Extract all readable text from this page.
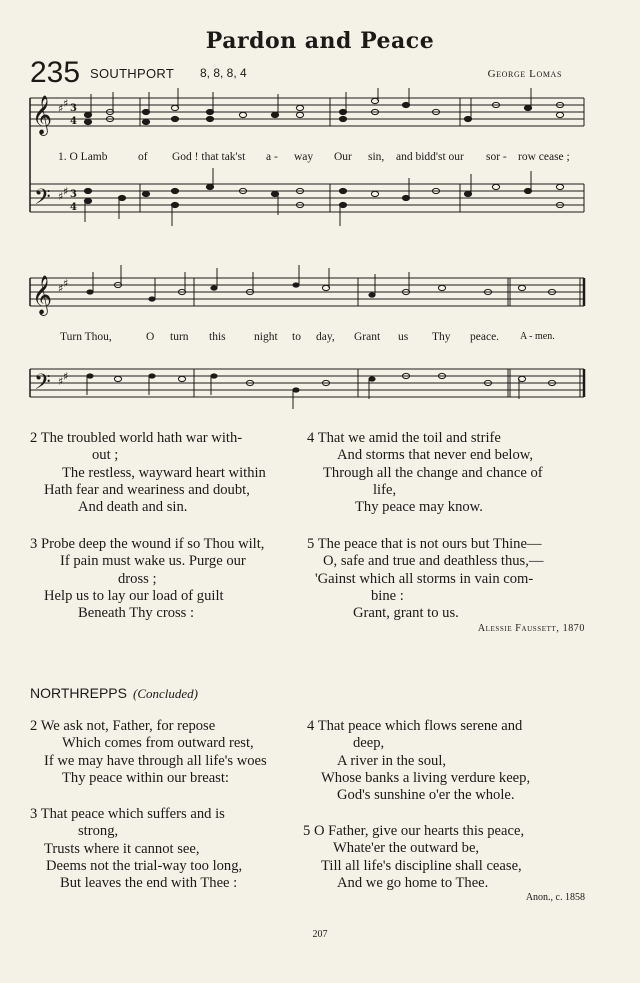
Pardon and Peace
235 SOUTHPORT 8, 8, 8, 4	George Lomas
𝄞
𝄢
♯ ♯
♯ ♯
3
4
3
4
𝄞 ♯ ♯
𝄢 ♯ ♯
1. O Lamb	of God ! that tak'st a - way Our sin, and bidd'st our sor - row cease ;
Turn Thou,	O turn this night to day, Grant us Thy peace. A - men.
2 The troubled world hath war with-
out ;
The restless, wayward heart within
Hath fear and weariness and doubt,
And death and sin.
4 That we amid the toil and strife
And storms that never end below,
Through all the change and chance of
life,
Thy peace may know.
3 Probe deep the wound if so Thou wilt,
If pain must wake us. Purge our
dross ;
Help us to lay our load of guilt
Beneath Thy cross :
5 The peace that is not ours but Thine—
O, safe and true and deathless thus,—
'Gainst which all storms in vain com-
bine :
Grant, grant to us.
Alessie Faussett, 1870
NORTHREPPS (Concluded)
2 We ask not, Father, for repose
Which comes from outward rest,
If we may have through all life's woes
Thy peace within our breast:
4 That peace which flows serene and
deep,
A river in the soul,
Whose banks a living verdure keep,
God's sunshine o'er the whole.
3 That peace which suffers and is
strong,
Trusts where it cannot see,
Deems not the trial-way too long,
But leaves the end with Thee :
5 O Father, give our hearts this peace,
Whate'er the outward be,
Till all life's discipline shall cease,
And we go home to Thee.
Anon., c. 1858
207
